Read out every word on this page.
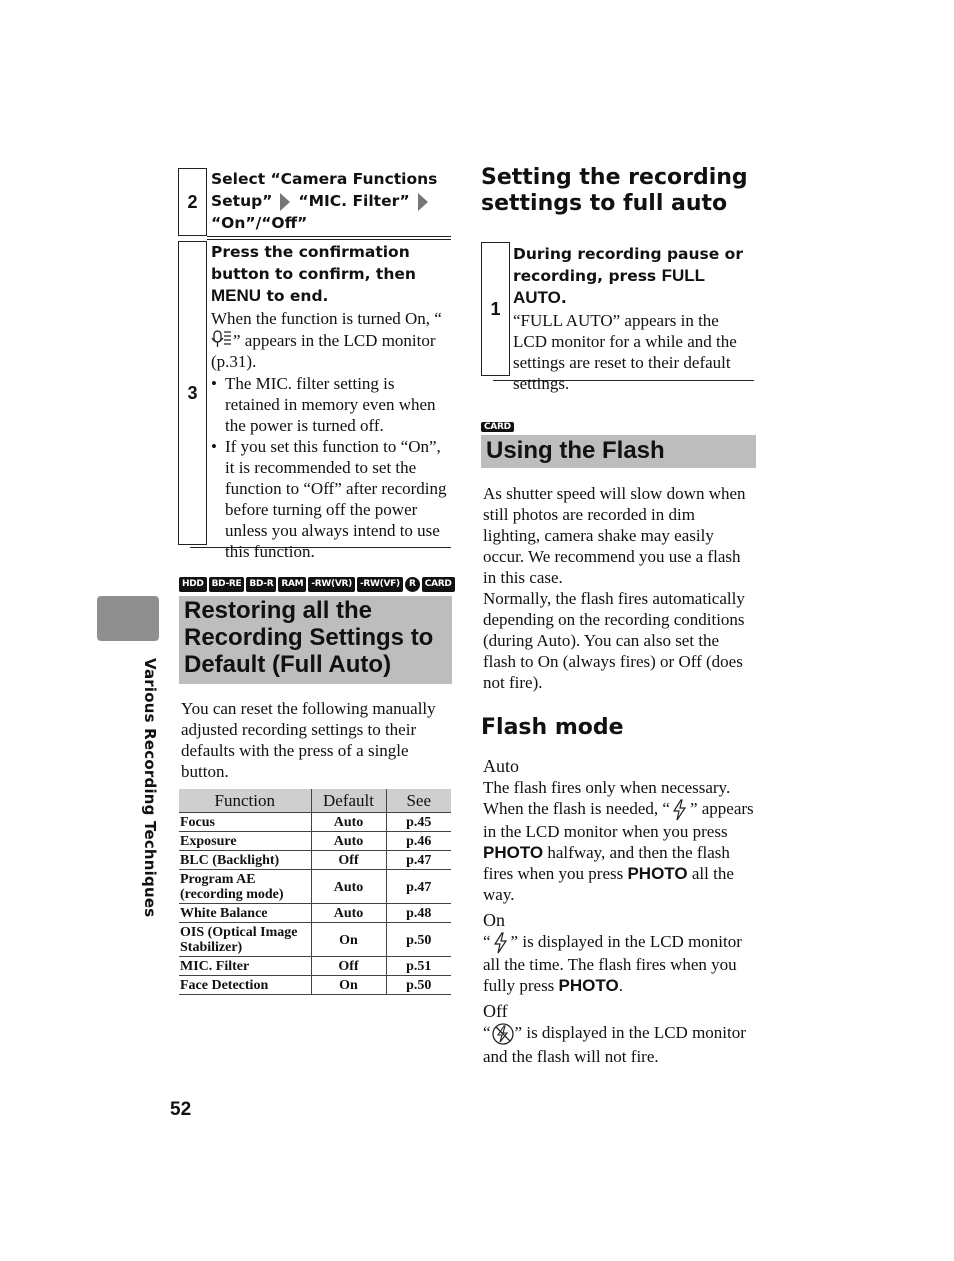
2
Select “Camera Functions
Setup” “MIC. Filter”
“On”/“Off”
3
Press the confirmation button to confirm, then MENU to end.
When the function is turned On, “” appears in the LCD monitor (p.31).
• The MIC. filter setting is retained in memory even when the power is turned off.
• If you set this function to “On”, it is recommended to set the function to “Off” after recording before turning off the power unless you always intend to use this function.
HDD BD-RE BD-R RAM -RW(VR) -RW(VF)	R	CARD
Restoring all the Recording Settings to Default (Full Auto)
You can reset the following manually adjusted recording settings to their defaults with the press of a single button.
Function	Default	See
Focus	Auto	p.45
Exposure	Auto	p.46
BLC (Backlight)	Off	p.47
Program AE (recording mode)	Auto	p.47
White Balance	Auto	p.48
OIS (Optical Image Stabilizer)	On	p.50
MIC. Filter	Off	p.51
Face Detection	On	p.50
Various Recording Techniques
52
Setting the recording settings to full auto
1
During recording pause or recording, press FULL AUTO.
“FULL AUTO” appears in the LCD monitor for a while and the settings are reset to their default settings.
CARD
Using the Flash
As shutter speed will slow down when still photos are recorded in dim lighting, camera shake may easily occur. We recommend you use a flash in this case.
Normally, the flash fires automatically depending on the recording conditions (during Auto). You can also set the flash to On (always fires) or Off (does not fire).
Flash mode
Auto
The flash fires only when necessary. When the flash is needed, “ ” appears in the LCD monitor when you press PHOTO halfway, and then the flash fires when you press PHOTO all the way.
On
“ ” is displayed in the LCD monitor all the time. The flash fires when you fully press PHOTO.
Off
“ ” is displayed in the LCD monitor and the flash will not fire.
